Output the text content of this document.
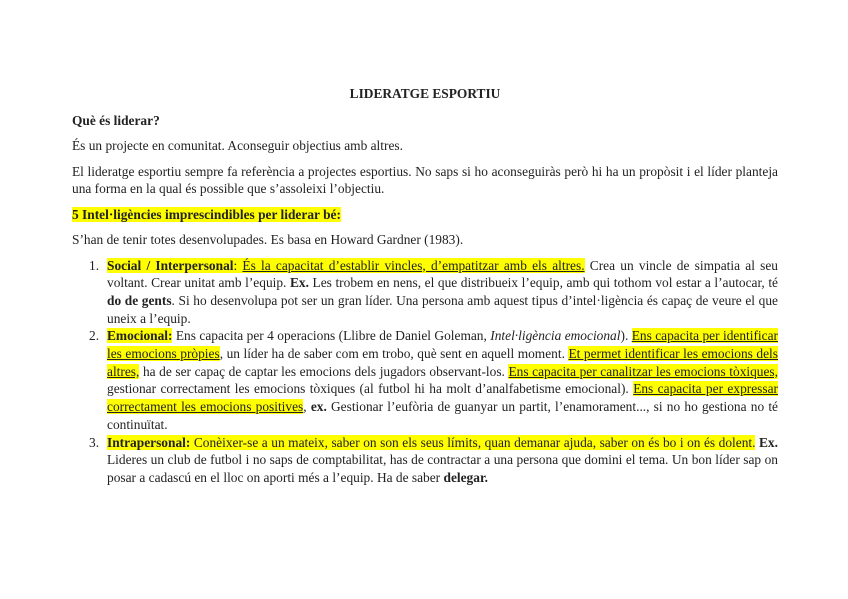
LIDERATGE ESPORTIU

Què és liderar?

És un projecte en comunitat. Aconseguir objectius amb altres.

El lideratge esportiu sempre fa referència a projectes esportius. No saps si ho aconseguiràs però hi ha un propòsit i el líder planteja una forma en la qual és possible que s’assoleixi l’objectiu.

5 Intel·ligències imprescindibles per liderar bé:

S’han de tenir totes desenvolupades. Es basa en Howard Gardner (1983).

1. Social / Interpersonal: És la capacitat d’establir vincles, d’empatitzar amb els altres. Crea un vincle de simpatia al seu voltant. Crear unitat amb l’equip. Ex. Les trobem en nens, el que distribueix l’equip, amb qui tothom vol estar a l’autocar, té do de gents. Si ho desenvolupa pot ser un gran líder. Una persona amb aquest tipus d’intel·ligència és capaç de veure el que uneix a l’equip.
2. Emocional: Ens capacita per 4 operacions (Llibre de Daniel Goleman, Intel·ligència emocional). Ens capacita per identificar les emocions pròpies, un líder ha de saber com em trobo, què sent en aquell moment. Et permet identificar les emocions dels altres, ha de ser capaç de captar les emocions dels jugadors observant-los. Ens capacita per canalitzar les emocions tòxiques, gestionar correctament les emocions tòxiques (al futbol hi ha molt d’analfabetisme emocional). Ens capacita per expressar correctament les emocions positives, ex. Gestionar l’eufòria de guanyar un partit, l’enamorament..., si no ho gestiona no té continuïtat.
3. Intrapersonal: Conèixer-se a un mateix, saber on son els seus límits, quan demanar ajuda, saber on és bo i on és dolent. Ex. Lideres un club de futbol i no saps de comptabilitat, has de contractar a una persona que domini el tema. Un bon líder sap on posar a cadascú en el lloc on aporti més a l’equip. Ha de saber delegar.
